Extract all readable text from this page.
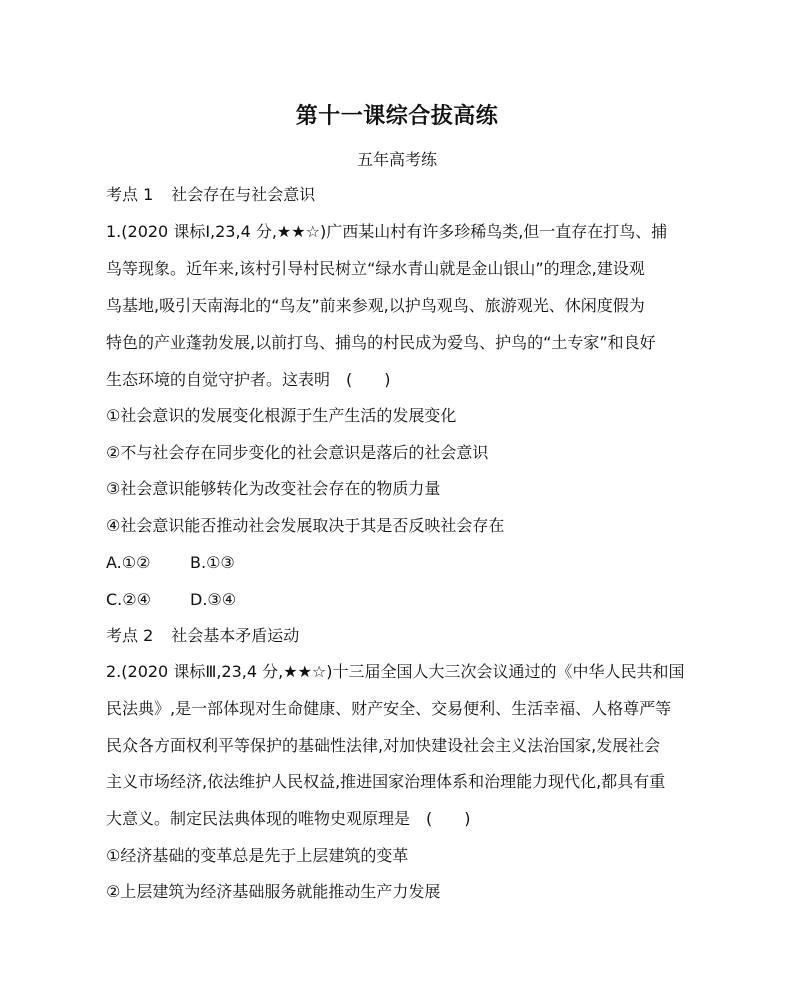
第十一课综合拔高练
五年高考练
考点 1 社会存在与社会意识
1.(2020 课标Ⅰ,23,4 分,★★☆)广西某山村有许多珍稀鸟类,但一直存在打鸟、捕
鸟等现象。近年来,该村引导村民树立“绿水青山就是金山银山”的理念,建设观
鸟基地,吸引天南海北的“鸟友”前来参观,以护鸟观鸟、旅游观光、休闲度假为
特色的产业蓬勃发展,以前打鸟、捕鸟的村民成为爱鸟、护鸟的“土专家”和良好
生态环境的自觉守护者。这表明　(　　)
①社会意识的发展变化根源于生产生活的发展变化
②不与社会存在同步变化的社会意识是落后的社会意识
③社会意识能够转化为改变社会存在的物质力量
④社会意识能否推动社会发展取决于其是否反映社会存在
A.①② B.①③
C.②④ D.③④
考点 2 社会基本矛盾运动
2.(2020 课标Ⅲ,23,4 分,★★☆)十三届全国人大三次会议通过的《中华人民共和国
民法典》,是一部体现对生命健康、财产安全、交易便利、生活幸福、人格尊严等
民众各方面权利平等保护的基础性法律,对加快建设社会主义法治国家,发展社会
主义市场经济,依法维护人民权益,推进国家治理体系和治理能力现代化,都具有重
大意义。制定民法典体现的唯物史观原理是　(　　)
①经济基础的变革总是先于上层建筑的变革
②上层建筑为经济基础服务就能推动生产力发展
